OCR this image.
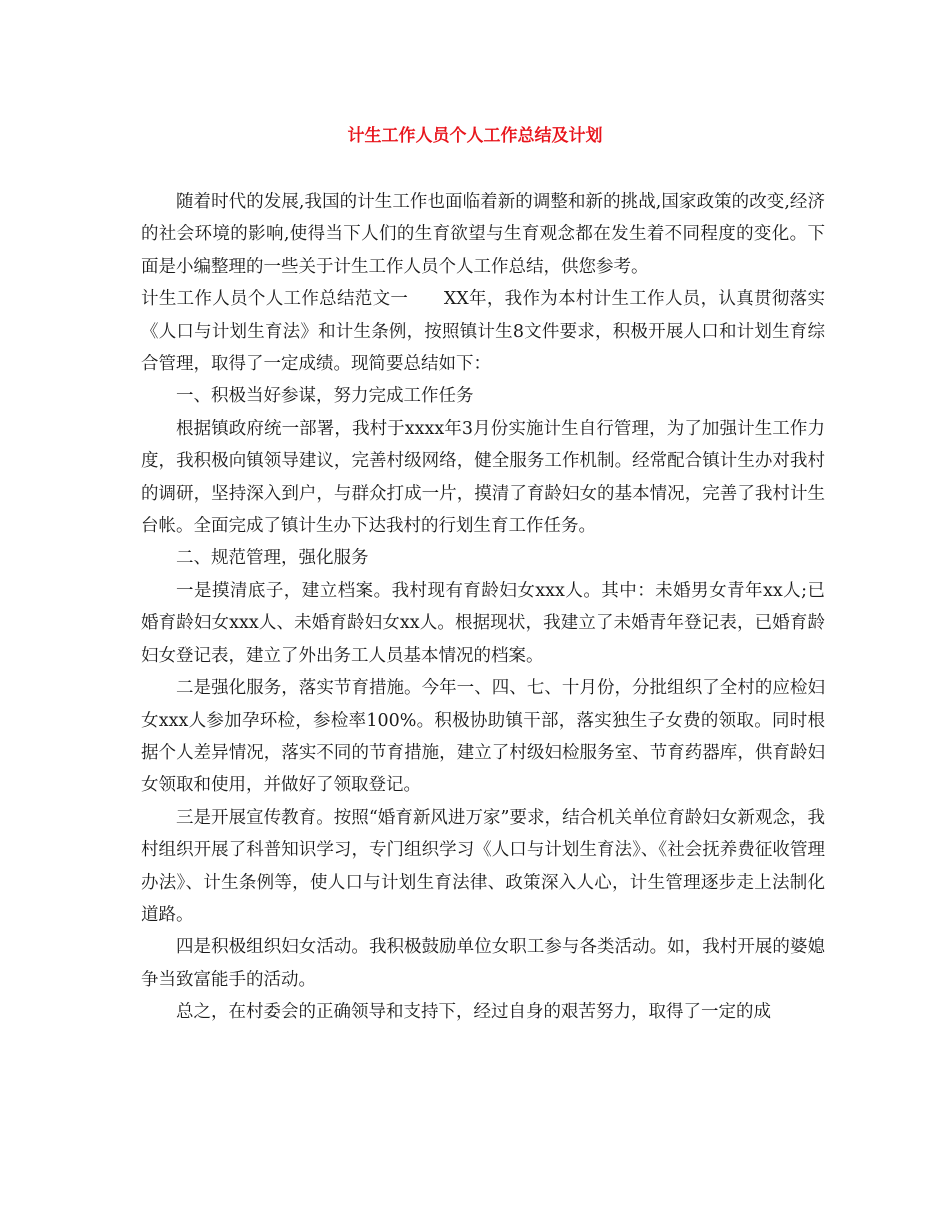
计生工作人员个人工作总结及计划

随着时代的发展,我国的计生工作也面临着新的调整和新的挑战,国家政策的改变,经济的社会环境的影响,使得当下人们的生育欲望与生育观念都在发生着不同程度的变化。下面是小编整理的一些关于计生工作人员个人工作总结，供您参考。

计生工作人员个人工作总结范文一　　XX年，我作为本村计生工作人员，认真贯彻落实《人口与计划生育法》和计生条例，按照镇计生8文件要求，积极开展人口和计划生育综合管理，取得了一定成绩。现简要总结如下：

一、积极当好参谋，努力完成工作任务

根据镇政府统一部署，我村于xxxx年3月份实施计生自行管理，为了加强计生工作力度，我积极向镇领导建议，完善村级网络，健全服务工作机制。经常配合镇计生办对我村的调研，坚持深入到户，与群众打成一片，摸清了育龄妇女的基本情况，完善了我村计生台帐。全面完成了镇计生办下达我村的行划生育工作任务。

二、规范管理，强化服务

一是摸清底子，建立档案。我村现有育龄妇女xxx人。其中：未婚男女青年xx人;已婚育龄妇女xxx人、未婚育龄妇女xx人。根据现状，我建立了未婚青年登记表，已婚育龄妇女登记表，建立了外出务工人员基本情况的档案。

二是强化服务，落实节育措施。今年一、四、七、十月份，分批组织了全村的应检妇女xxx人参加孕环检，参检率100%。积极协助镇干部，落实独生子女费的领取。同时根据个人差异情况，落实不同的节育措施，建立了村级妇检服务室、节育药器库，供育龄妇女领取和使用，并做好了领取登记。

三是开展宣传教育。按照“婚育新风进万家”要求，结合机关单位育龄妇女新观念，我村组织开展了科普知识学习，专门组织学习《人口与计划生育法》、《社会抚养费征收管理办法》、计生条例等，使人口与计划生育法律、政策深入人心，计生管理逐步走上法制化道路。

四是积极组织妇女活动。我积极鼓励单位女职工参与各类活动。如，我村开展的婆媳争当致富能手的活动。

总之，在村委会的正确领导和支持下，经过自身的艰苦努力，取得了一定的成
